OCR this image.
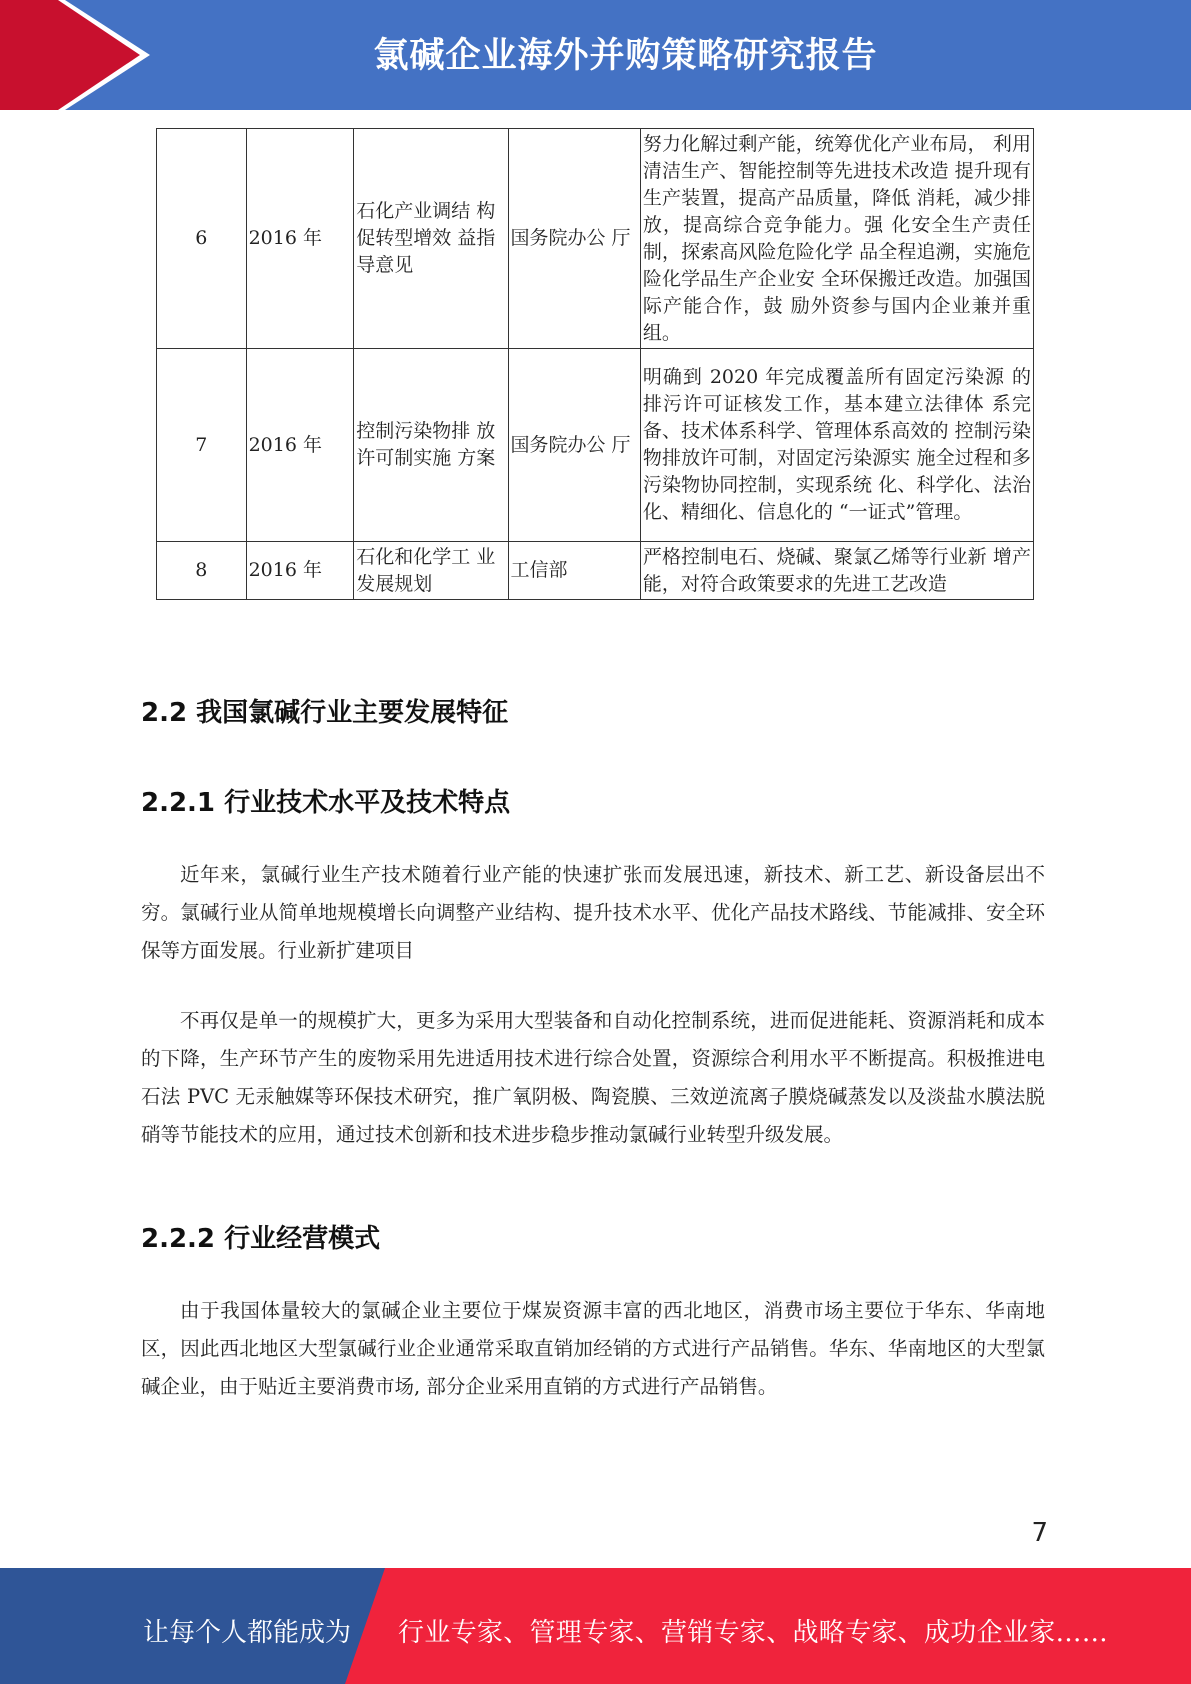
氯碱企业海外并购策略研究报告
6	2016 年	石化产业调结 构促转型增效 益指导意见	国务院办公 厅	努力化解过剩产能，统筹优化产业布局， 利用清洁生产、智能控制等先进技术改造 提升现有生产装置，提高产品质量，降低 消耗，减少排放，提高综合竞争能力。强 化安全生产责任制，探索高风险危险化学 品全程追溯，实施危险化学品生产企业安 全环保搬迁改造。加强国际产能合作，鼓 励外资参与国内企业兼并重组。
7	2016 年	控制污染物排 放许可制实施 方案	国务院办公 厅	明确到 2020 年完成覆盖所有固定污染源 的排污许可证核发工作，基本建立法律体 系完备、技术体系科学、管理体系高效的 控制污染物排放许可制，对固定污染源实 施全过程和多污染物协同控制，实现系统 化、科学化、法治化、精细化、信息化的 “一证式”管理。
8	2016 年	石化和化学工 业发展规划	工信部	严格控制电石、烧碱、聚氯乙烯等行业新 增产能，对符合政策要求的先进工艺改造
2.2 我国氯碱行业主要发展特征
2.2.1 行业技术水平及技术特点

近年来，氯碱行业生产技术随着行业产能的快速扩张而发展迅速，新技术、新工艺、新设备层出不穷。氯碱行业从简单地规模增长向调整产业结构、提升技术水平、优化产品技术路线、节能减排、安全环保等方面发展。行业新扩建项目

不再仅是单一的规模扩大，更多为采用大型装备和自动化控制系统，进而促进能耗、资源消耗和成本的下降，生产环节产生的废物采用先进适用技术进行综合处置，资源综合利用水平不断提高。积极推进电石法 PVC 无汞触媒等环保技术研究，推广氧阴极、陶瓷膜、三效逆流离子膜烧碱蒸发以及淡盐水膜法脱硝等节能技术的应用，通过技术创新和技术进步稳步推动氯碱行业转型升级发展。

2.2.2 行业经营模式

由于我国体量较大的氯碱企业主要位于煤炭资源丰富的西北地区，消费市场主要位于华东、华南地区，因此西北地区大型氯碱行业企业通常采取直销加经销的方式进行产品销售。华东、华南地区的大型氯碱企业，由于贴近主要消费市场, 部分企业采用直销的方式进行产品销售。

7
让每个人都能成为 行业专家、管理专家、营销专家、战略专家、成功企业家……
